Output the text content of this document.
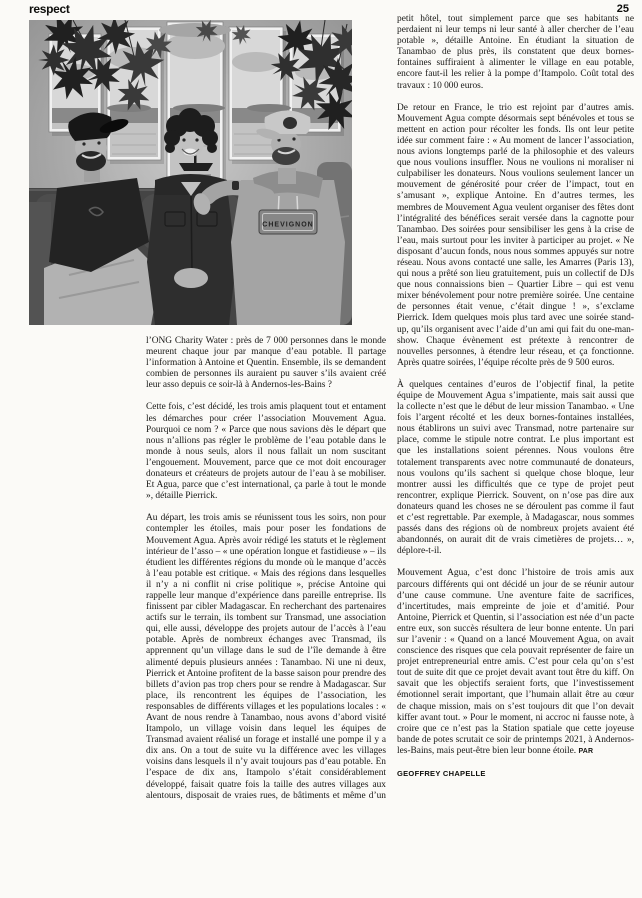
respect	25
CHEVIGNON

l’ONG Charity Water : près de 7 000 personnes dans le monde meurent chaque jour par manque d’eau potable. Il partage l’information à Antoine et Quentin. Ensemble, ils se demandent combien de personnes ils auraient pu sauver s’ils avaient créé leur asso depuis ce soir-là à Andernos-les-Bains ?

Cette fois, c’est décidé, les trois amis plaquent tout et entament les démarches pour créer l’association Mouvement Agua. Pourquoi ce nom ? « Parce que nous savions dès le départ que nous n’allions pas régler le problème de l’eau potable dans le monde à nous seuls, alors il nous fallait un nom suscitant l’engouement. Mouvement, parce que ce mot doit encourager donateurs et créateurs de projets autour de l’eau à se mobiliser. Et Agua, parce que c’est international, ça parle à tout le monde », détaille Pierrick.

Au départ, les trois amis se réunissent tous les soirs, non pour contempler les étoiles, mais pour poser les fondations de Mouvement Agua. Après avoir rédigé les statuts et le règlement intérieur de l’asso – « une opération longue et fastidieuse » – ils étudient les différentes régions du monde où le manque d’accès à l’eau potable est critique. « Mais des régions dans lesquelles il n’y a ni conflit ni crise politique », précise Antoine qui rappelle leur manque d’expérience dans pareille entreprise. Ils finissent par cibler Madagascar. En recherchant des partenaires actifs sur le terrain, ils tombent sur Transmad, une association qui, elle aussi, développe des projets autour de l’accès à l’eau potable. Après de nombreux échanges avec Transmad, ils apprennent qu’un village dans le sud de l’île demande à être alimenté depuis plusieurs années : Tanambao. Ni une ni deux, Pierrick et Antoine profitent de la basse saison pour prendre des billets d’avion pas trop chers pour se rendre à Madagascar. Sur place, ils rencontrent les équipes de l’association, les responsables de différents villages et les populations locales : « Avant de nous rendre à Tanambao, nous avons d’abord visité Itampolo, un village voisin dans lequel les équipes de Transmad avaient réalisé un forage et installé une pompe il y a dix ans. On a tout de suite vu la différence avec les villages voisins dans lesquels il n’y avait toujours pas d’eau potable. En l’espace de dix ans, Itampolo s’était considérablement développé, faisait quatre fois la taille des autres villages aux alentours, disposait de vraies rues, de bâtiments et même d’un

petit hôtel, tout simplement parce que ses habitants ne perdaient ni leur temps ni leur santé à aller chercher de l’eau potable », détaille Antoine. En étudiant la situation de Tanambao de plus près, ils constatent que deux bornes-fontaines suffiraient à alimenter le village en eau potable, encore faut-il les relier à la pompe d’Itampolo. Coût total des travaux : 10 000 euros.

De retour en France, le trio est rejoint par d’autres amis. Mouvement Agua compte désormais sept bénévoles et tous se mettent en action pour récolter les fonds. Ils ont leur petite idée sur comment faire : « Au moment de lancer l’association, nous avions longtemps parlé de la philosophie et des valeurs que nous voulions insuffler. Nous ne voulions ni moraliser ni culpabiliser les donateurs. Nous voulions seulement lancer un mouvement de générosité pour créer de l’impact, tout en s’amusant », explique Antoine. En d’autres termes, les membres de Mouvement Agua veulent organiser des fêtes dont l’intégralité des bénéfices serait versée dans la cagnotte pour Tanambao. Des soirées pour sensibiliser les gens à la crise de l’eau, mais surtout pour les inviter à participer au projet. « Ne disposant d’aucun fonds, nous nous sommes appuyés sur notre réseau. Nous avons contacté une salle, les Amarres (Paris 13), qui nous a prêté son lieu gratuitement, puis un collectif de DJs que nous connaissions bien – Quartier Libre – qui est venu mixer bénévolement pour notre première soirée. Une centaine de personnes était venue, c’était dingue ! », s’exclame Pierrick. Idem quelques mois plus tard avec une soirée stand-up, qu’ils organisent avec l’aide d’un ami qui fait du one-man-show. Chaque évènement est prétexte à rencontrer de nouvelles personnes, à étendre leur réseau, et ça fonctionne. Après quatre soirées, l’équipe récolte près de 9 500 euros.

À quelques centaines d’euros de l’objectif final, la petite équipe de Mouvement Agua s’impatiente, mais sait aussi que la collecte n’est que le début de leur mission Tanambao. « Une fois l’argent récolté et les deux bornes-fontaines installées, nous établirons un suivi avec Transmad, notre partenaire sur place, comme le stipule notre contrat. Le plus important est que les installations soient pérennes. Nous voulons être totalement transparents avec notre communauté de donateurs, nous voulons qu’ils sachent si quelque chose bloque, leur montrer aussi les difficultés que ce type de projet peut rencontrer, explique Pierrick. Souvent, on n’ose pas dire aux donateurs quand les choses ne se déroulent pas comme il faut et c’est regrettable. Par exemple, à Madagascar, nous sommes passés dans des régions où de nombreux projets avaient été abandonnés, on aurait dit de vrais cimetières de projets… », déplore-t-il.

Mouvement Agua, c’est donc l’histoire de trois amis aux parcours différents qui ont décidé un jour de se réunir autour d’une cause commune. Une aventure faite de sacrifices, d’incertitudes, mais empreinte de joie et d’amitié. Pour Antoine, Pierrick et Quentin, si l’association est née d’un pacte entre eux, son succès résultera de leur bonne entente. Un pari sur l’avenir : « Quand on a lancé Mouvement Agua, on avait conscience des risques que cela pouvait représenter de faire un projet entrepreneurial entre amis. C’est pour cela qu’on s’est tout de suite dit que ce projet devait avant tout être du kiff. On savait que les objectifs seraient forts, que l’investissement émotionnel serait important, que l’humain allait être au cœur de chaque mission, mais on s’est toujours dit que l’on devait kiffer avant tout. » Pour le moment, ni accroc ni fausse note, à croire que ce n’est pas la Station spatiale que cette joyeuse bande de potes scrutait ce soir de printemps 2021, à Andernos-les-Bains, mais peut-être bien leur bonne étoile. PAR

GEOFFREY CHAPELLE
